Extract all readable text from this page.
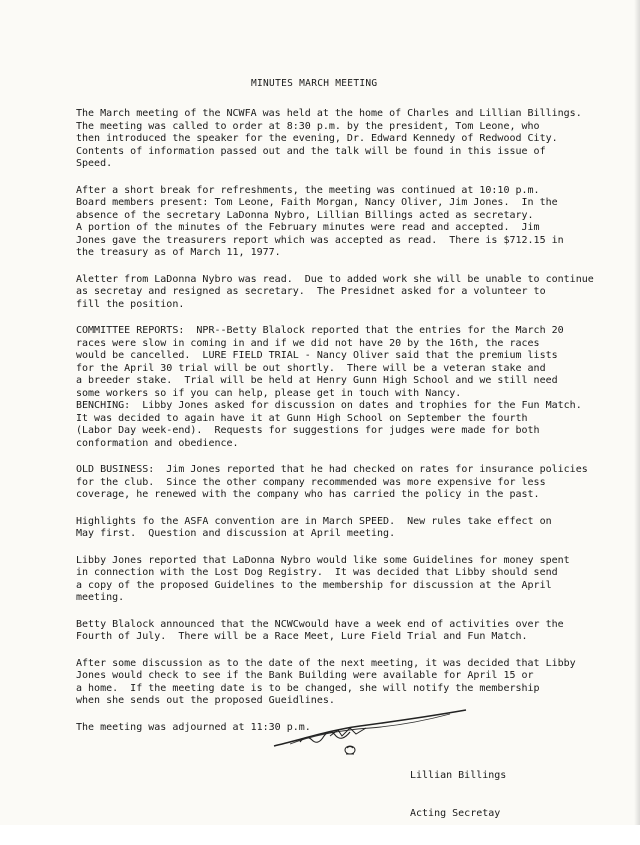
MINUTES MARCH MEETING

The March meeting of the NCWFA was held at the home of Charles and Lillian Billings.

The meeting was called to order at 8:30 p.m. by the president, Tom Leone, who

then introduced the speaker for the evening, Dr. Edward Kennedy of Redwood City.

Contents of information passed out and the talk will be found in this issue of

Speed.

After a short break for refreshments, the meeting was continued at 10:10 p.m.

Board members present: Tom Leone, Faith Morgan, Nancy Oliver, Jim Jones.  In the

absence of the secretary LaDonna Nybro, Lillian Billings acted as secretary.

A portion of the minutes of the February minutes were read and accepted.  Jim

Jones gave the treasurers report which was accepted as read.  There is $712.15 in

the treasury as of March 11, 1977.

Aletter from LaDonna Nybro was read.  Due to added work she will be unable to continue

as secretay and resigned as secretary.  The Presidnet asked for a volunteer to

fill the position.

COMMITTEE REPORTS:  NPR--Betty Blalock reported that the entries for the March 20

races were slow in coming in and if we did not have 20 by the 16th, the races

would be cancelled.  LURE FIELD TRIAL - Nancy Oliver said that the premium lists

for the April 30 trial will be out shortly.  There will be a veteran stake and

a breeder stake.  Trial will be held at Henry Gunn High School and we still need

some workers so if you can help, please get in touch with Nancy.

BENCHING:  Libby Jones asked for discussion on dates and trophies for the Fun Match.

It was decided to again have it at Gunn High School on September the fourth

(Labor Day week-end).  Requests for suggestions for judges were made for both

conformation and obedience.

OLD BUSINESS:  Jim Jones reported that he had checked on rates for insurance policies

for the club.  Since the other company recommended was more expensive for less

coverage, he renewed with the company who has carried the policy in the past.

Highlights fo the ASFA convention are in March SPEED.  New rules take effect on

May first.  Question and discussion at April meeting.

Libby Jones reported that LaDonna Nybro would like some Guidelines for money spent

in connection with the Lost Dog Registry.  It was decided that Libby should send

a copy of the proposed Guidelines to the membership for discussion at the April

meeting.

Betty Blalock announced that the NCWCwould have a week end of activities over the

Fourth of July.  There will be a Race Meet, Lure Field Trial and Fun Match.

After some discussion as to the date of the next meeting, it was decided that Libby

Jones would check to see if the Bank Building were available for April 15 or

a home.  If the meeting date is to be changed, she will notify the membership

when she sends out the proposed Gueidlines.

The meeting was adjourned at 11:30 p.m.

Lillian Billings

Acting Secretay
